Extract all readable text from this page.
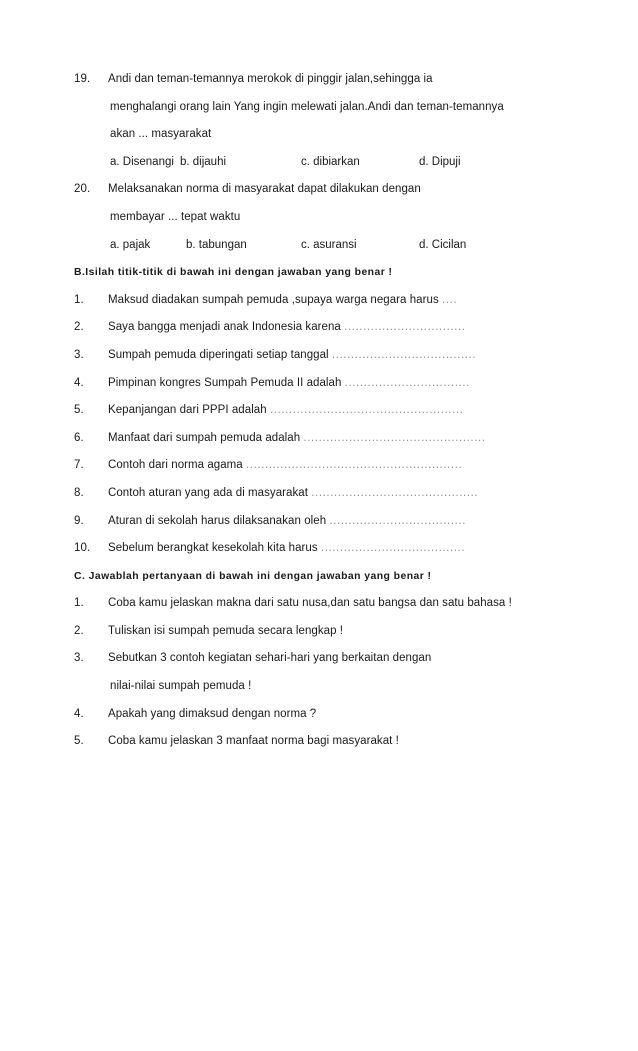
19. Andi dan teman-temannya merokok di pinggir jalan,sehingga ia
menghalangi orang lain Yang ingin melewati jalan.Andi dan teman-temannya
akan ... masyarakat
a. Disenangi b. dijauhi	c. dibiarkan	d. Dipuji
20. Melaksanakan norma di masyarakat dapat dilakukan dengan
membayar ... tepat waktu
a. pajak	b. tabungan	c. asuransi	d. Cicilan
B.Isilah titik-titik di bawah ini dengan jawaban yang benar !
1. Maksud diadakan sumpah pemuda ,supaya warga negara harus ....
2. Saya bangga menjadi anak Indonesia karena ................................
3. Sumpah pemuda diperingati setiap tanggal ......................................
4. Pimpinan kongres Sumpah Pemuda II adalah .................................
5. Kepanjangan dari PPPI adalah ...................................................
6. Manfaat dari sumpah pemuda adalah ................................................
7. Contoh dari norma agama .........................................................
8. Contoh aturan yang ada di masyarakat ............................................
9. Aturan di sekolah harus dilaksanakan oleh ....................................
10. Sebelum berangkat kesekolah kita harus ......................................
C. Jawablah pertanyaan di bawah ini dengan jawaban yang benar !
1. Coba kamu jelaskan makna dari satu nusa,dan satu bangsa dan satu bahasa !
2. Tuliskan isi sumpah pemuda secara lengkap !
3. Sebutkan 3 contoh kegiatan sehari-hari yang berkaitan dengan
nilai-nilai sumpah pemuda !
4. Apakah yang dimaksud dengan norma ?
5. Coba kamu jelaskan 3 manfaat norma bagi masyarakat !
